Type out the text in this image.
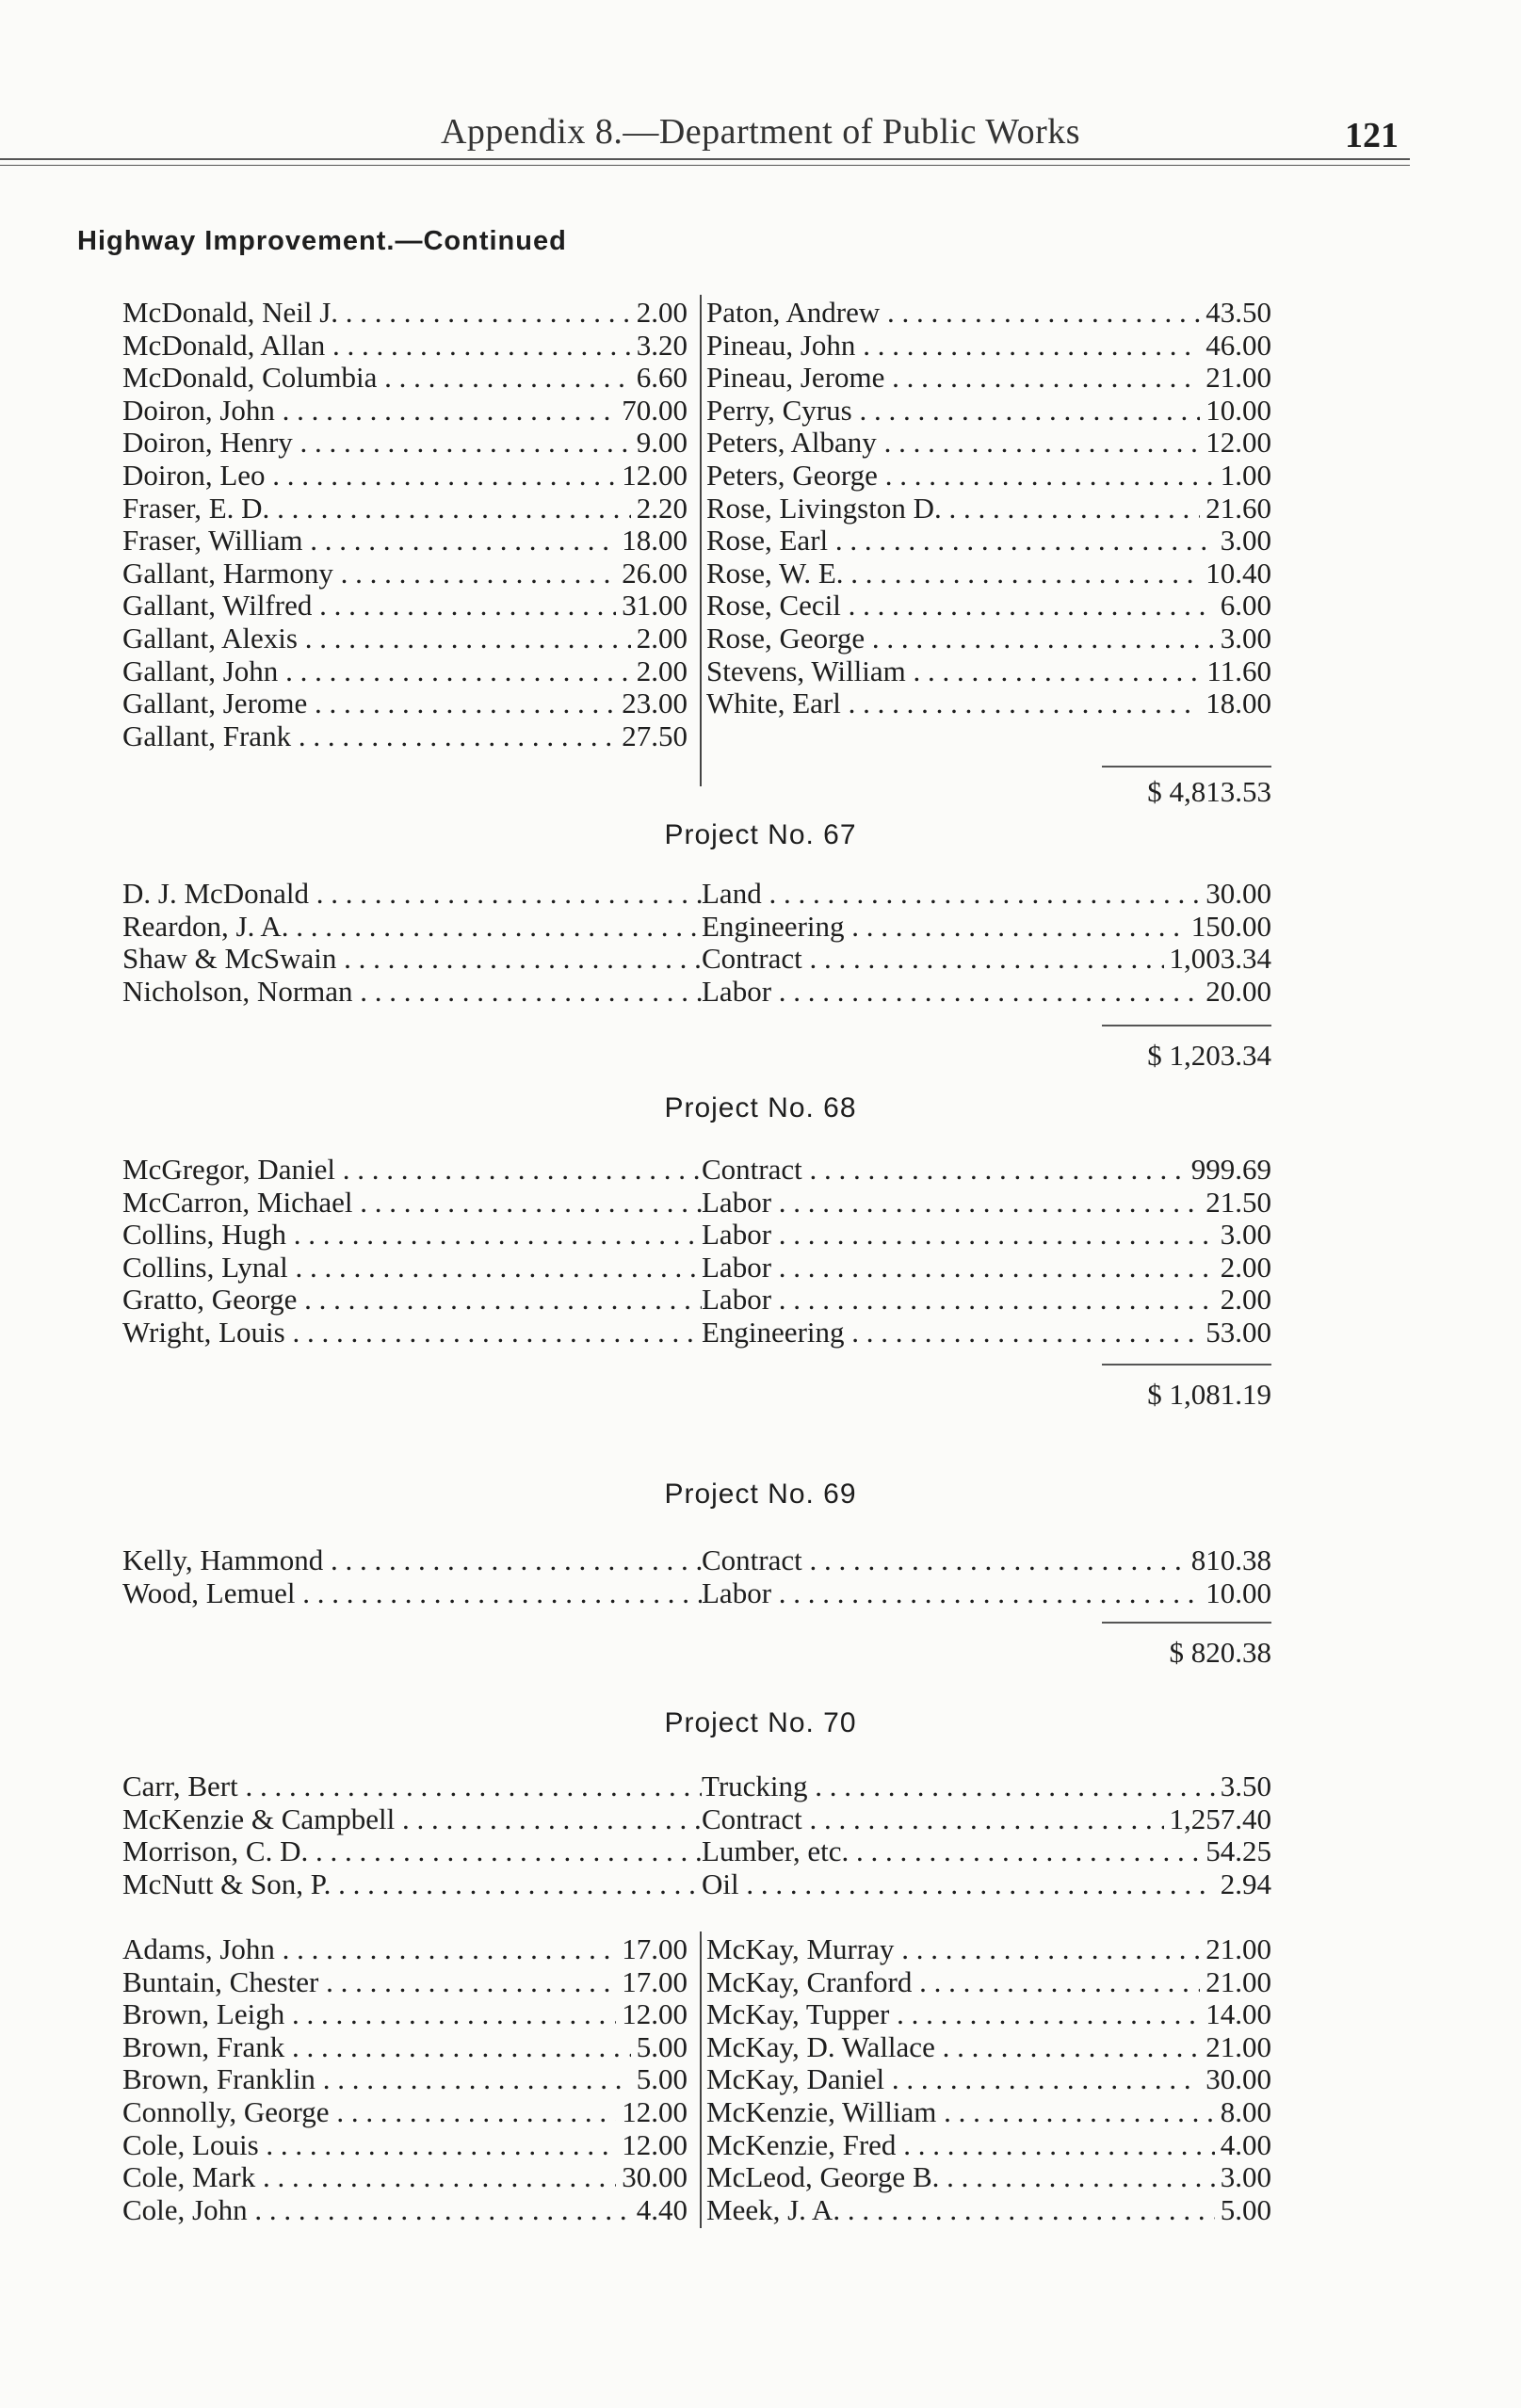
Appendix 8.—Department of Public Works	121
Highway Improvement.—Continued
McDonald, Neil J. . . .	2.00
McDonald, Allan . . .	3.20
McDonald, Columbia . . .	6.60
Doiron, John . . .	70.00
Doiron, Henry . . .	9.00
Doiron, Leo . . .	12.00
Fraser, E. D. . . .	2.20
Fraser, William . . .	18.00
Gallant, Harmony . . .	26.00
Gallant, Wilfred . . .	31.00
Gallant, Alexis . . .	2.00
Gallant, John . . .	2.00
Gallant, Jerome . . .	23.00
Gallant, Frank . . .	27.50
Paton, Andrew . . .	43.50
Pineau, John . . .	46.00
Pineau, Jerome . . .	21.00
Perry, Cyrus . . .	10.00
Peters, Albany . . .	12.00
Peters, George . . .	1.00
Rose, Livingston D. . . .	21.60
Rose, Earl . . .	3.00
Rose, W. E. . . .	10.40
Rose, Cecil . . .	6.00
Rose, George . . .	3.00
Stevens, William . . .	11.60
White, Earl . . .	18.00
$ 4,813.53
Project No. 67
D. J. McDonald . . .	Land . . .	30.00
Reardon, J. A. . . .	Engineering . . .	150.00
Shaw & McSwain . . .	Contract . . .	1,003.34
Nicholson, Norman . . .	Labor . . .	20.00
$ 1,203.34
Project No. 68
McGregor, Daniel . . .	Contract . . .	999.69
McCarron, Michael . . .	Labor . . .	21.50
Collins, Hugh . . .	Labor . . .	3.00
Collins, Lynal . . .	Labor . . .	2.00
Gratto, George . . .	Labor . . .	2.00
Wright, Louis . . .	Engineering . . .	53.00
$ 1,081.19
Project No. 69
Kelly, Hammond . . .	Contract . . .	810.38
Wood, Lemuel . . .	Labor . . .	10.00
$ 820.38
Project No. 70
Carr, Bert . . .	Trucking . . .	3.50
McKenzie & Campbell . . .	Contract . . .	1,257.40
Morrison, C. D. . . .	Lumber, etc. . . .	54.25
McNutt & Son, P. . . .	Oil . . .	2.94
Adams, John . . .	17.00
Buntain, Chester . . .	17.00
Brown, Leigh . . .	12.00
Brown, Frank . . .	5.00
Brown, Franklin . . .	5.00
Connolly, George . . .	12.00
Cole, Louis . . .	12.00
Cole, Mark . . .	30.00
Cole, John . . .	4.40
McKay, Murray . . .	21.00
McKay, Cranford . . .	21.00
McKay, Tupper . . .	14.00
McKay, D. Wallace . . .	21.00
McKay, Daniel . . .	30.00
McKenzie, William . . .	8.00
McKenzie, Fred . . .	4.00
McLeod, George B. . . .	3.00
Meek, J. A. . . .	5.00
